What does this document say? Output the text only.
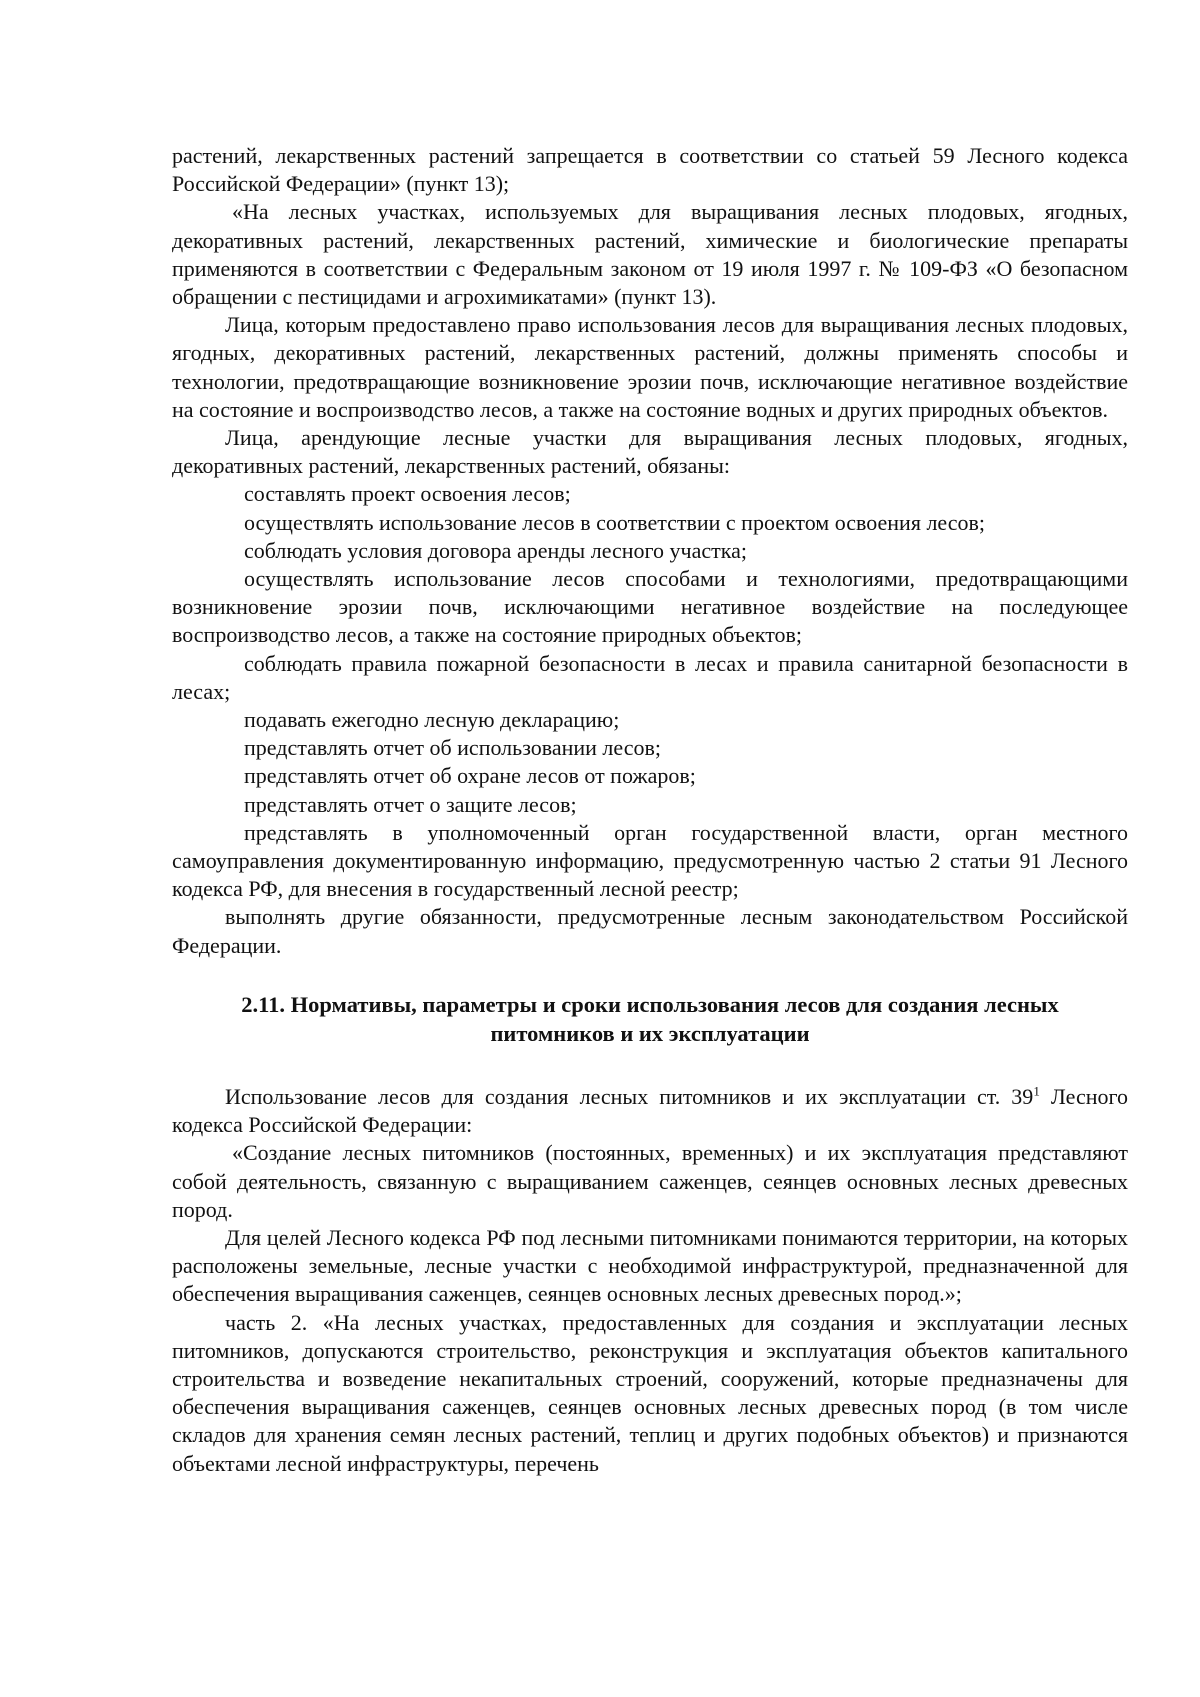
растений, лекарственных растений запрещается в соответствии со статьей 59 Лесного кодекса Российской Федерации» (пункт 13);

«На лесных участках, используемых для выращивания лесных плодовых, ягодных, декоративных растений, лекарственных растений, химические и биологические препараты применяются в соответствии с Федеральным законом от 19 июля 1997 г. № 109-ФЗ «О безопасном обращении с пестицидами и агрохимикатами» (пункт 13).

Лица, которым предоставлено право использования лесов для выращивания лесных плодовых, ягодных, декоративных растений, лекарственных растений, должны применять способы и технологии, предотвращающие возникновение эрозии почв, исключающие негативное воздействие на состояние и воспроизводство лесов, а также на состояние водных и других природных объектов.

Лица, арендующие лесные участки для выращивания лесных плодовых, ягодных, декоративных растений, лекарственных растений, обязаны:

составлять проект освоения лесов;

осуществлять использование лесов в соответствии с проектом освоения лесов;

соблюдать условия договора аренды лесного участка;

осуществлять использование лесов способами и технологиями, предотвращающими возникновение эрозии почв, исключающими негативное воздействие на последующее воспроизводство лесов, а также на состояние природных объектов;

соблюдать правила пожарной безопасности в лесах и правила санитарной безопасности в лесах;

подавать ежегодно лесную декларацию;

представлять отчет об использовании лесов;

представлять отчет об охране лесов от пожаров;

представлять отчет о защите лесов;

представлять в уполномоченный орган государственной власти, орган местного самоуправления документированную информацию, предусмотренную частью 2 статьи 91 Лесного кодекса РФ, для внесения в государственный лесной реестр;

выполнять другие обязанности, предусмотренные лесным законодательством Российской Федерации.

2.11. Нормативы, параметры и сроки использования лесов для создания лесных питомников и их эксплуатации

Использование лесов для создания лесных питомников и их эксплуатации ст. $39^1$ Лесного кодекса Российской Федерации:

«Создание лесных питомников (постоянных, временных) и их эксплуатация представляют собой деятельность, связанную с выращиванием саженцев, сеянцев основных лесных древесных пород.

Для целей Лесного кодекса РФ под лесными питомниками понимаются территории, на которых расположены земельные, лесные участки с необходимой инфраструктурой, предназначенной для обеспечения выращивания саженцев, сеянцев основных лесных древесных пород.»;

часть 2. «На лесных участках, предоставленных для создания и эксплуатации лесных питомников, допускаются строительство, реконструкция и эксплуатация объектов капитального строительства и возведение некапитальных строений, сооружений, которые предназначены для обеспечения выращивания саженцев, сеянцев основных лесных древесных пород (в том числе складов для хранения семян лесных растений, теплиц и других подобных объектов) и признаются объектами лесной инфраструктуры, перечень
